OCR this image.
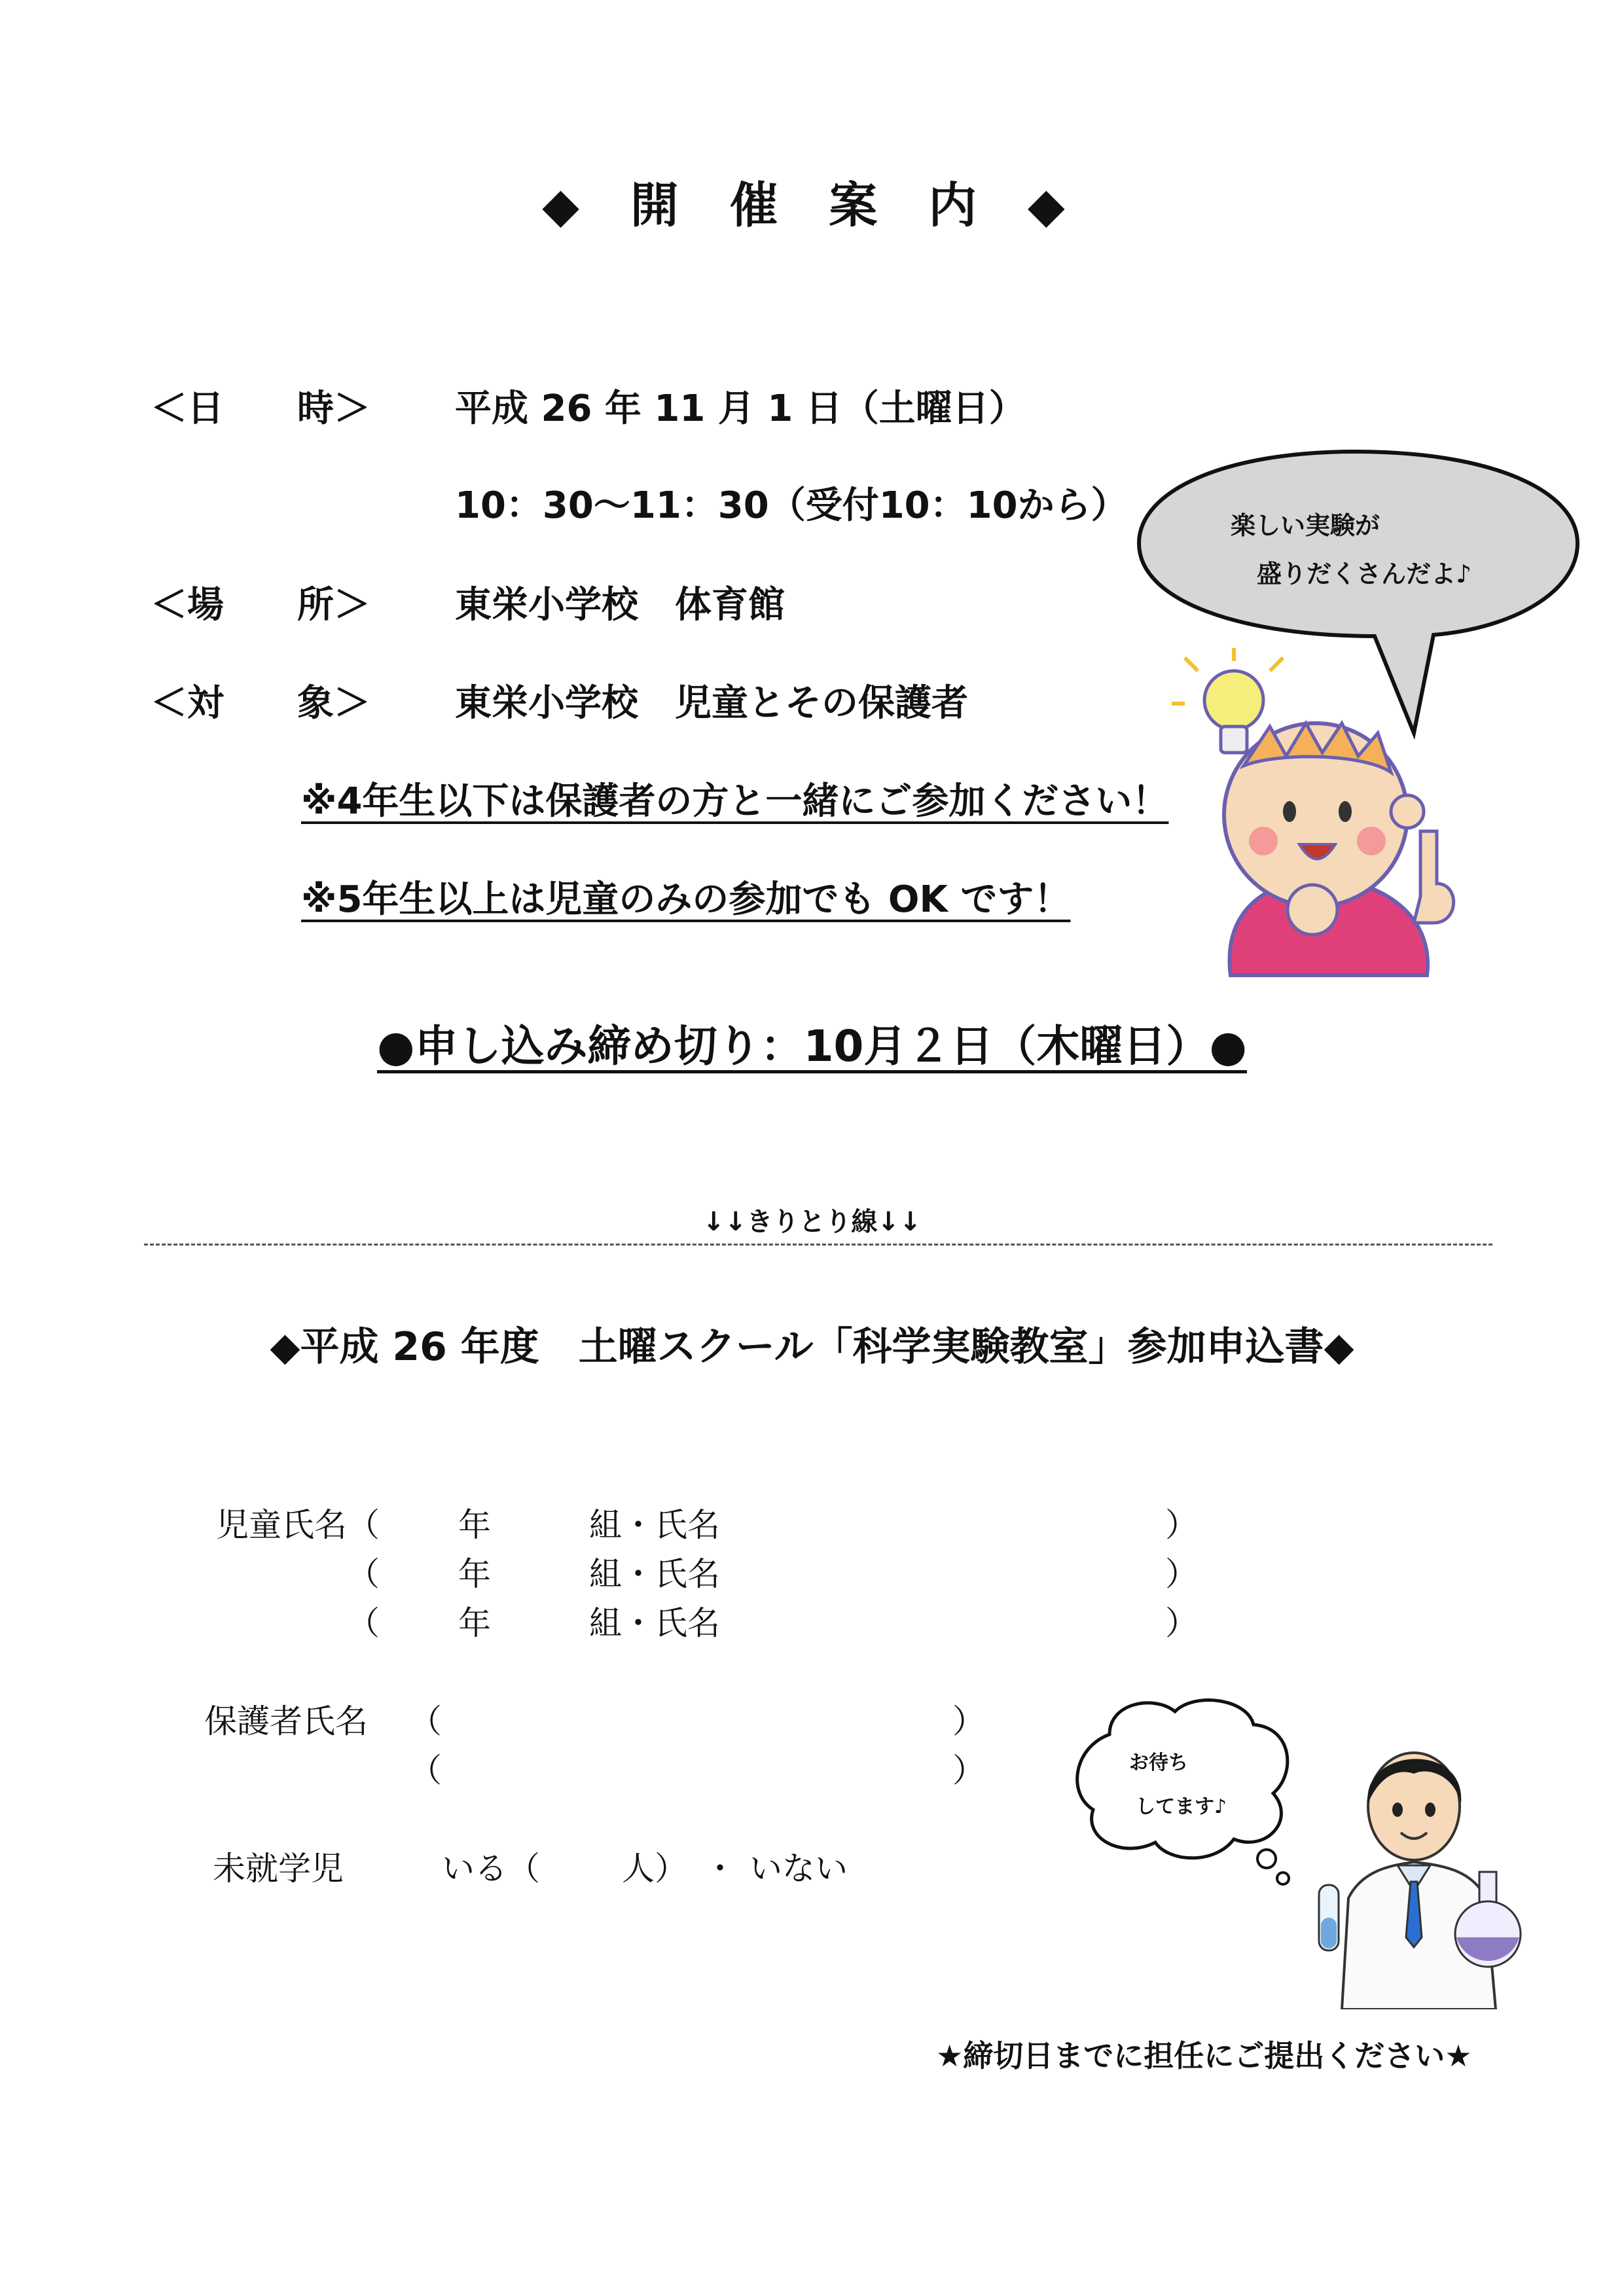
◆ 開 催 案 内 ◆
＜日　　時＞ 平成 26 年 11 月 1 日（土曜日）
10：30〜11：30（受付10：10から）
＜場　　所＞ 東栄小学校　体育館
＜対　　象＞ 東栄小学校　児童とその保護者
※4年生以下は保護者の方と一緒にご参加ください！
※5年生以上は児童のみの参加でも OK です！
●申し込み締め切り：10月２日（木曜日）●
楽しい実験が
盛りだくさんだよ♪
↓↓きりとり線↓↓
◆平成 26 年度　土曜スクール「科学実験教室」参加申込書◆
児童氏名（ 年	組・氏名	）
（ 年	組・氏名	）
（ 年	組・氏名	）
保護者氏名 （	）
（	）
未就学児	いる（	人） ・ いない
お待ち
してます♪
★締切日までに担任にご提出ください★
